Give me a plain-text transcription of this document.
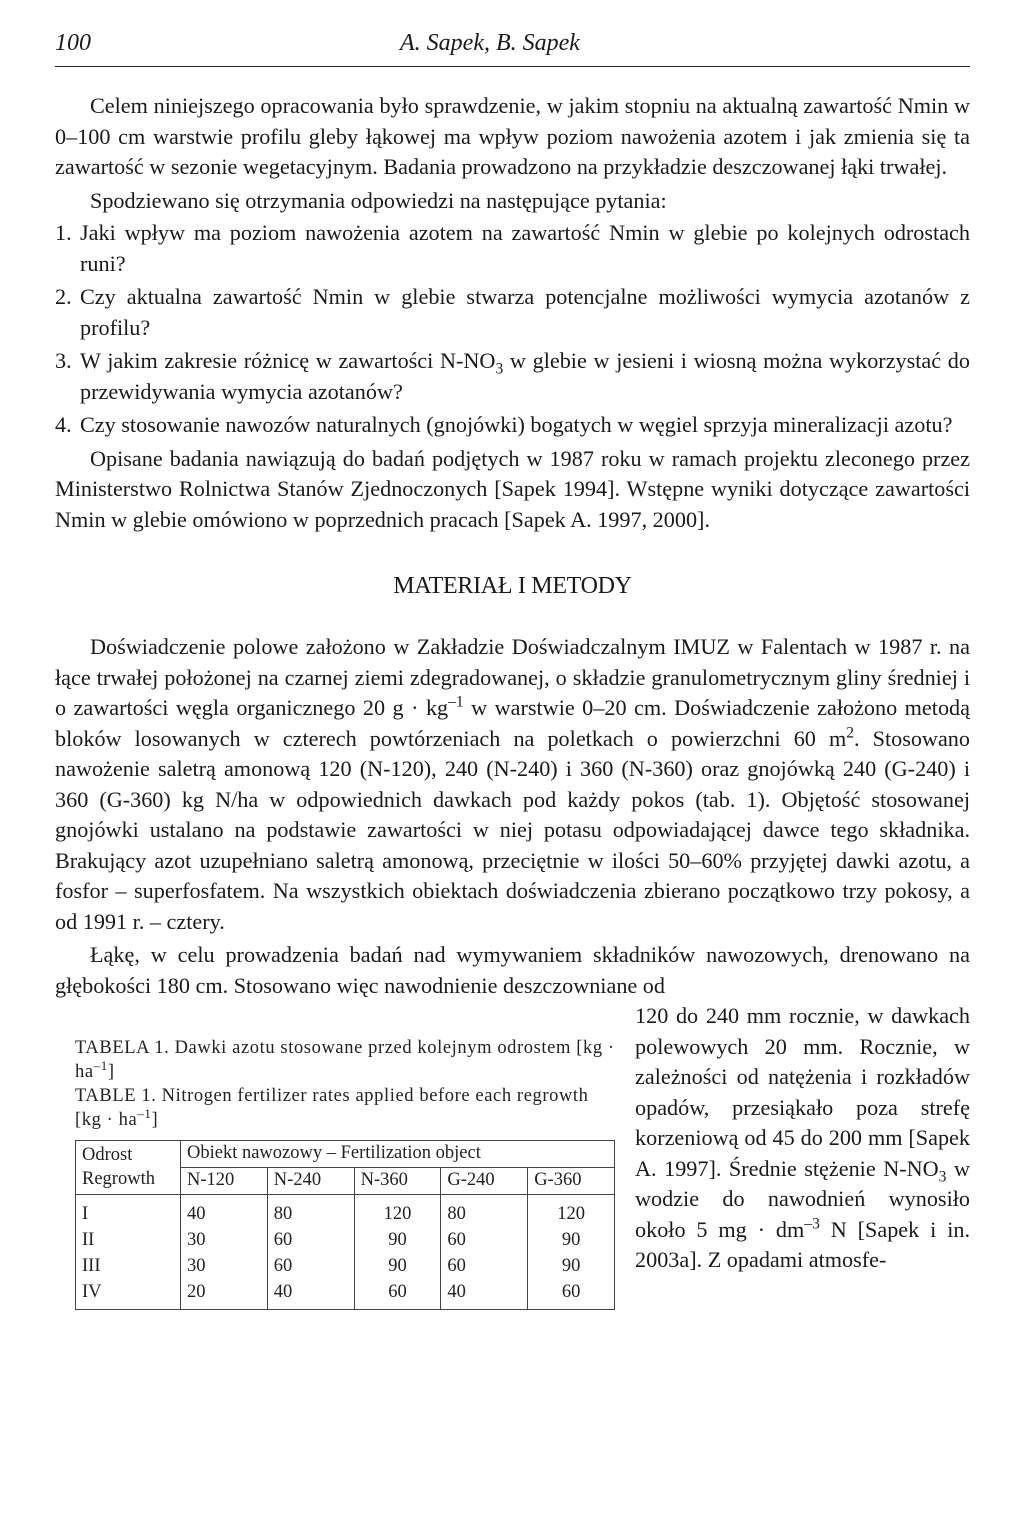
100	A. Sapek, B. Sapek

Celem niniejszego opracowania było sprawdzenie, w jakim stopniu na aktualną zawartość Nmin w 0–100 cm warstwie profilu gleby łąkowej ma wpływ poziom nawożenia azotem i jak zmienia się ta zawartość w sezonie wegetacyjnym. Badania prowadzono na przykładzie deszczowanej łąki trwałej.

Spodziewano się otrzymania odpowiedzi na następujące pytania:

1. Jaki wpływ ma poziom nawożenia azotem na zawartość Nmin w glebie po kolejnych odrostach runi?
2. Czy aktualna zawartość Nmin w glebie stwarza potencjalne możliwości wymycia azotanów z profilu?
3. W jakim zakresie różnicę w zawartości $N-NO_3$ w glebie w jesieni i wiosną można wykorzystać do przewidywania wymycia azotanów?
4. Czy stosowanie nawozów naturalnych (gnojówki) bogatych w węgiel sprzyja mineralizacji azotu?

Opisane badania nawiązują do badań podjętych w 1987 roku w ramach projektu zleconego przez Ministerstwo Rolnictwa Stanów Zjednoczonych [Sapek 1994]. Wstępne wyniki dotyczące zawartości Nmin w glebie omówiono w poprzednich pracach [Sapek A. 1997, 2000].

MATERIAŁ I METODY

Doświadczenie polowe założono w Zakładzie Doświadczalnym IMUZ w Falentach w 1987 r. na łące trwałej położonej na czarnej ziemi zdegradowanej, o składzie granulometrycznym gliny średniej i o zawartości węgla organicznego 20 $g \cdot kg^{-1}$ w warstwie 0–20 cm. Doświadczenie założono metodą bloków losowanych w czterech powtórzeniach na poletkach o powierzchni 60 $m^2$. Stosowano nawożenie saletrą amonową 120 (N-120), 240 (N-240) i 360 (N-360) oraz gnojówką 240 (G-240) i 360 (G-360) kg N/ha w odpowiednich dawkach pod każdy pokos (tab. 1). Objętość stosowanej gnojówki ustalano na podstawie zawartości w niej potasu odpowiadającej dawce tego składnika. Brakujący azot uzupełniano saletrą amonową, przeciętnie w ilości 50–60% przyjętej dawki azotu, a fosfor – superfosfatem. Na wszystkich obiektach doświadczenia zbierano początkowo trzy pokosy, a od 1991 r. – cztery.

Łąkę, w celu prowadzenia badań nad wymywaniem składników nawozowych, drenowano na głębokości 180 cm. Stosowano więc nawodnienie deszczowniane od

TABELA 1. Dawki azotu stosowane przed kolejnym odrostem $[kg \cdot ha^{-1}]$
TABLE 1. Nitrogen fertilizer rates applied before each regrowth $[kg \cdot ha^{-1}]$
Odrost Regrowth	Obiekt nawozowy – Fertilization object				
	N-120	N-240	N-360	G-240	G-360
I	40	80	120	80	120
II	30	60	90	60	90
III	30	60	90	60	90
IV	20	40	60	40	60

120 do 240 mm rocznie, w dawkach polewowych 20 mm. Rocznie, w zależności od natężenia i rozkładów opadów, przesiąkało poza strefę korzeniową od 45 do 200 mm [Sapek A. 1997]. Średnie stężenie $N-NO_3$ w wodzie do nawodnień wynosiło około 5 mg · $dm^{-3}$ N [Sapek i in. 2003a]. Z opadami atmosfe-
